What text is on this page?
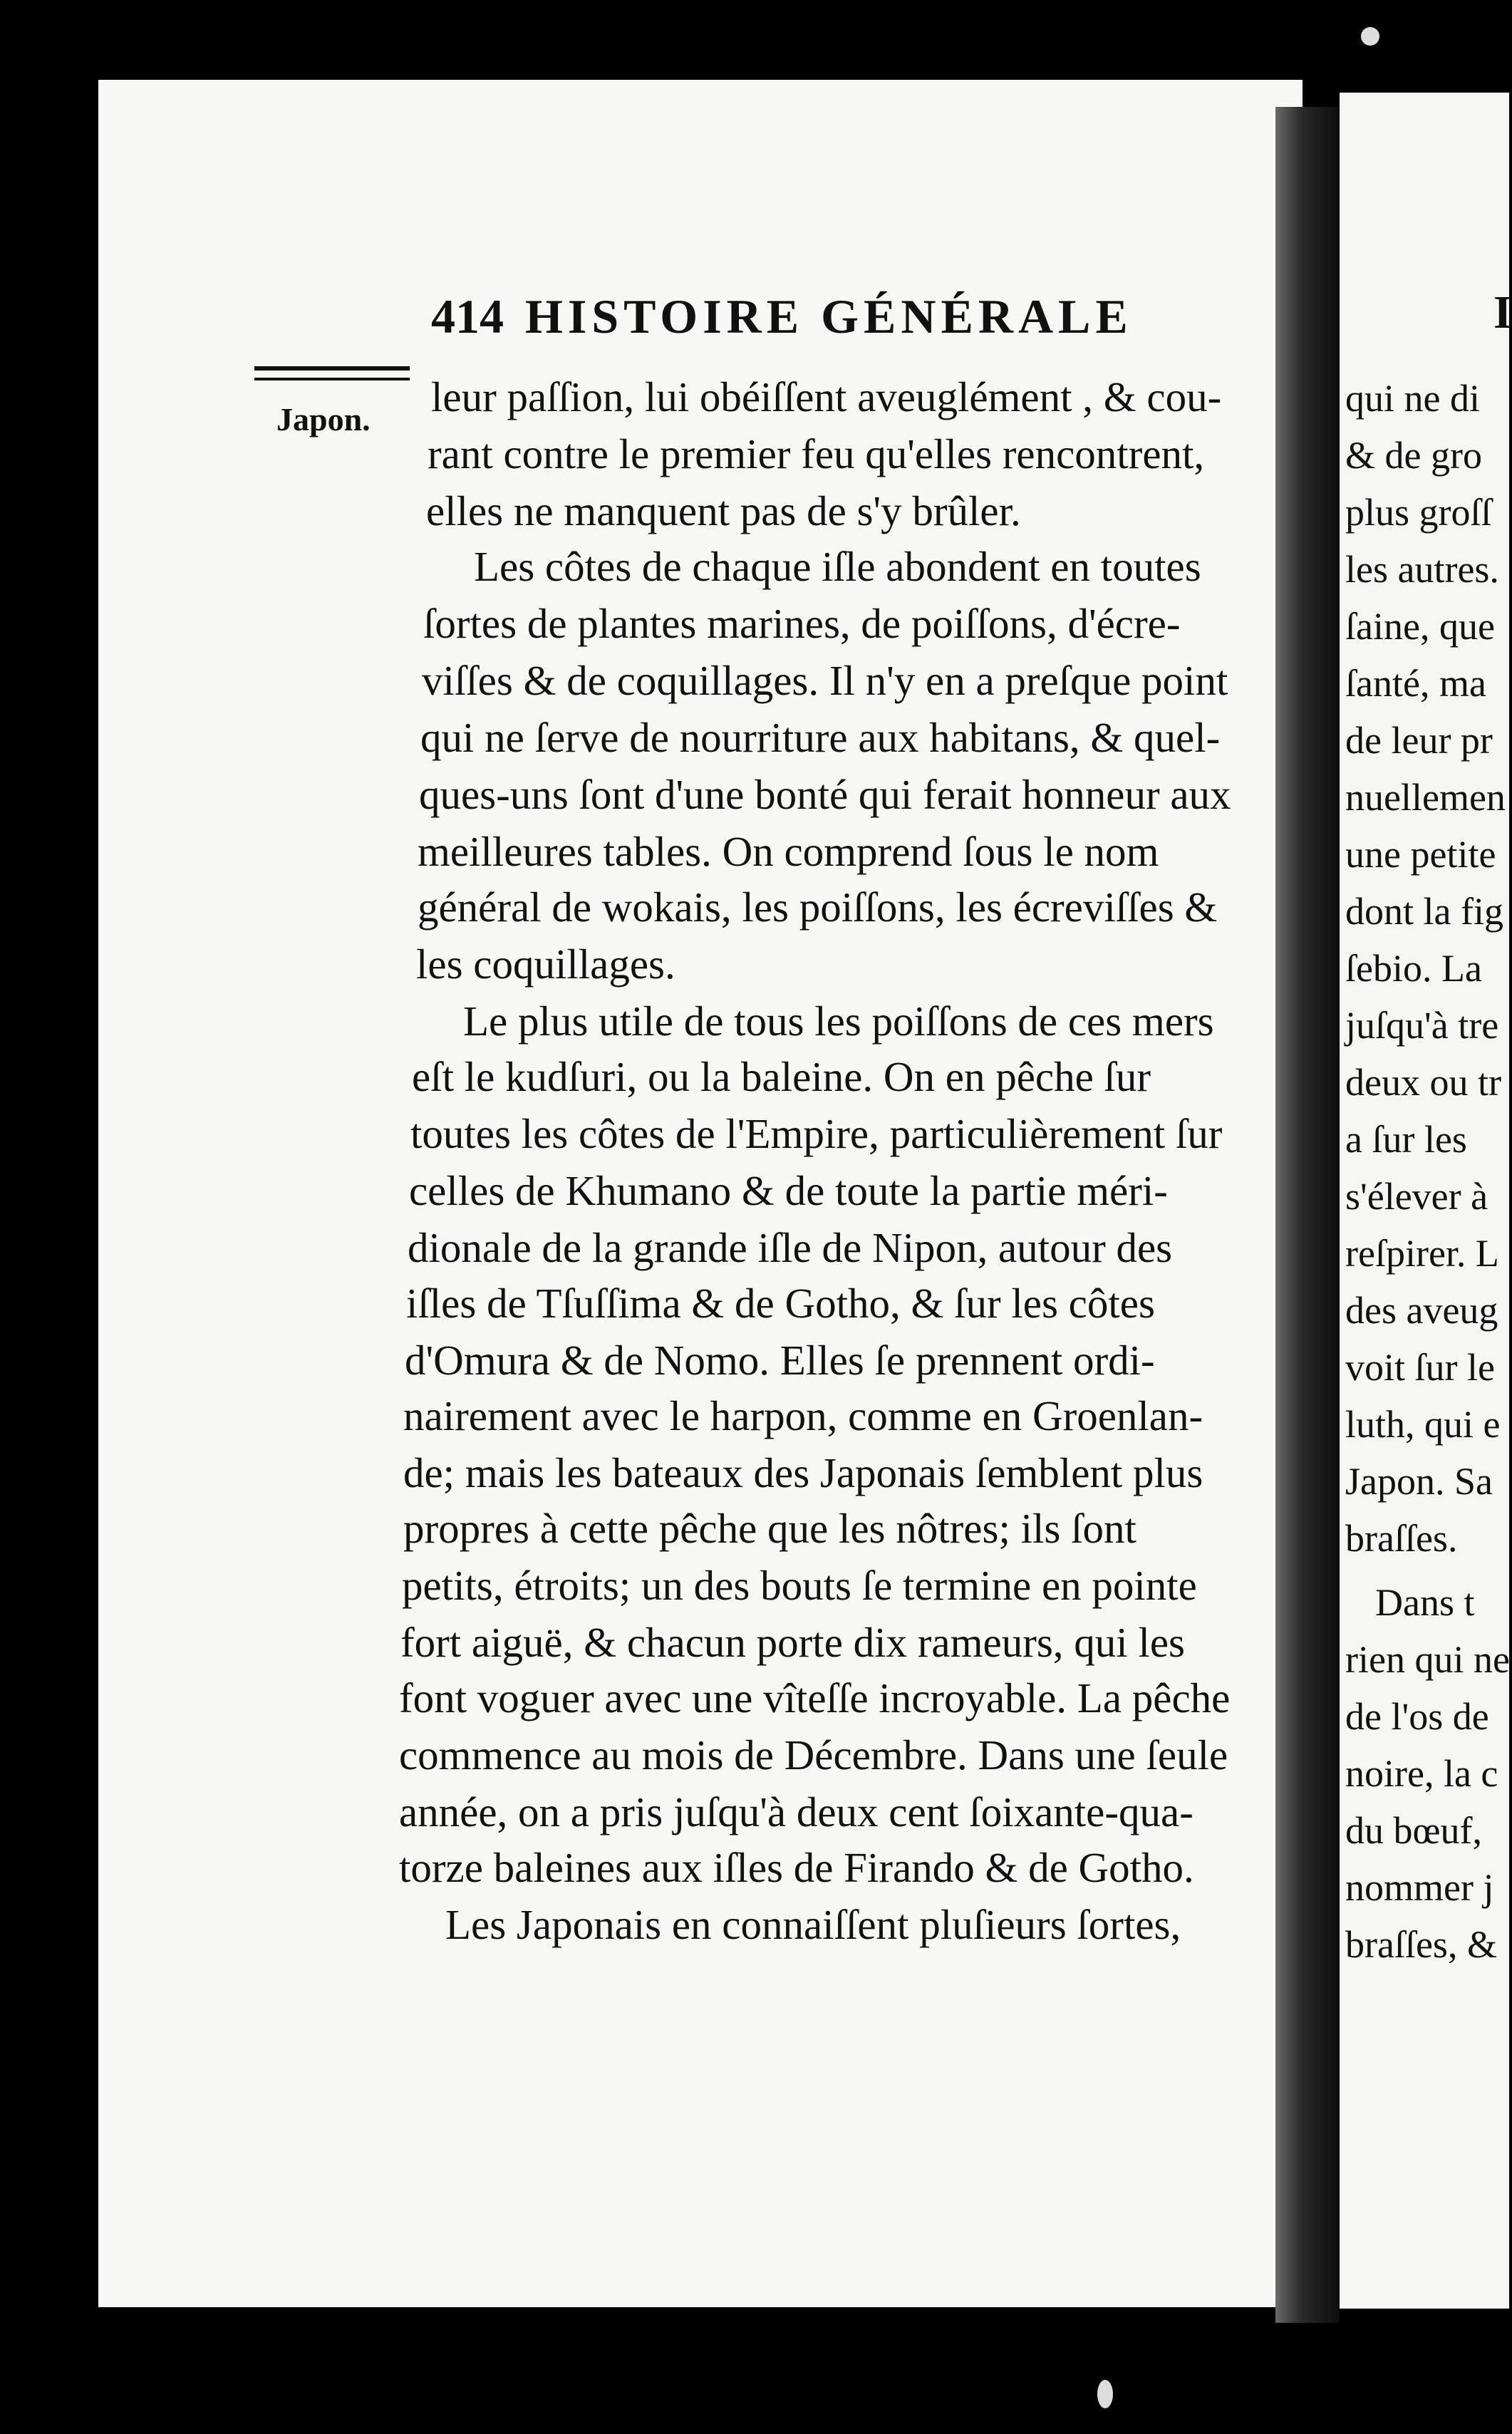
414 HISTOIRE GÉNÉRALE
Japon.
I
leur paſſion, lui obéiſſent aveuglément , & cou-
rant contre le premier feu qu'elles rencontrent,
elles ne manquent pas de s'y brûler.
Les côtes de chaque iſle abondent en toutes
ſortes de plantes marines, de poiſſons, d'écre-
viſſes & de coquillages. Il n'y en a preſque point
qui ne ſerve de nourriture aux habitans, & quel-
ques-uns ſont d'une bonté qui ferait honneur aux
meilleures tables. On comprend ſous le nom
général de wokais, les poiſſons, les écreviſſes &
les coquillages.
Le plus utile de tous les poiſſons de ces mers
eſt le kudſuri, ou la baleine. On en pêche ſur
toutes les côtes de l'Empire, particulièrement ſur
celles de Khumano & de toute la partie méri-
dionale de la grande iſle de Nipon, autour des
iſles de Tſuſſima & de Gotho, & ſur les côtes
d'Omura & de Nomo. Elles ſe prennent ordi-
nairement avec le harpon, comme en Groenlan-
de; mais les bateaux des Japonais ſemblent plus
propres à cette pêche que les nôtres; ils ſont
petits, étroits; un des bouts ſe termine en pointe
fort aiguë, & chacun porte dix rameurs, qui les
font voguer avec une vîteſſe incroyable. La pêche
commence au mois de Décembre. Dans une ſeule
année, on a pris juſqu'à deux cent ſoixante-qua-
torze baleines aux iſles de Firando & de Gotho.
Les Japonais en connaiſſent pluſieurs ſortes,
qui ne di
& de gro
plus groſſ
les autres.
ſaine, que
ſanté, ma
de leur pr
nuellemen
une petite
dont la fig
ſebio. La
juſqu'à tre
deux ou tr
a ſur les
s'élever à
reſpirer. L
des aveug
voit ſur le
luth, qui e
Japon. Sa
braſſes.
Dans t
rien qui ne
de l'os de
noire, la c
du bœuf,
nommer j
braſſes, &
